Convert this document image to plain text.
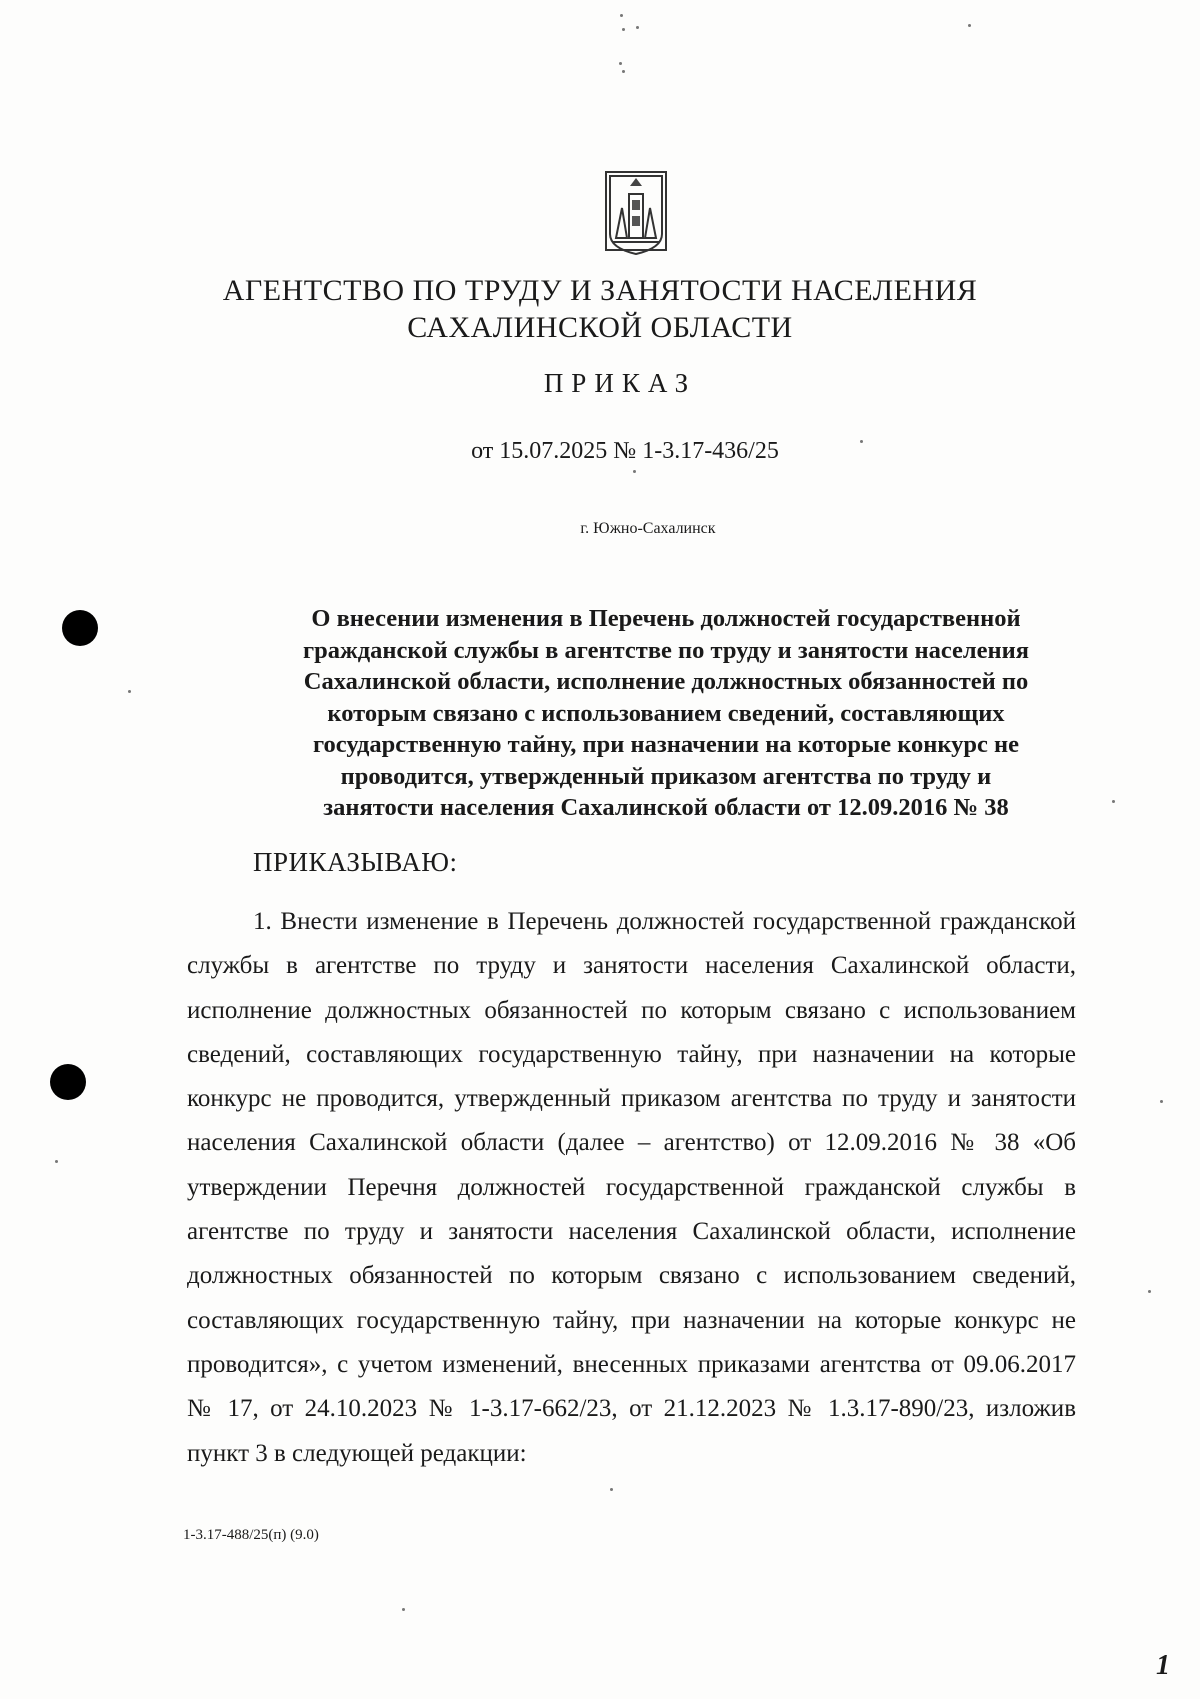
АГЕНТСТВО ПО ТРУДУ И ЗАНЯТОСТИ НАСЕЛЕНИЯ
САХАЛИНСКОЙ ОБЛАСТИ
ПРИКАЗ
от 15.07.2025 № 1-3.17-436/25
г. Южно-Сахалинск
О внесении изменения в Перечень должностей государственной
гражданской службы в агентстве по труду и занятости населения
Сахалинской области, исполнение должностных обязанностей по
которым связано с использованием сведений, составляющих
государственную тайну, при назначении на которые конкурс не
проводится, утвержденный приказом агентства по труду и
занятости населения Сахалинской области от 12.09.2016 № 38
ПРИКАЗЫВАЮ:
1. Внести изменение в Перечень должностей государственной гражданской службы в агентстве по труду и занятости населения Сахалинской области, исполнение должностных обязанностей по которым связано с использованием сведений, составляющих государственную тайну, при назначении на которые конкурс не проводится, утвержденный приказом агентства по труду и занятости населения Сахалинской области (далее – агентство) от 12.09.2016 № 38 «Об утверждении Перечня должностей государственной гражданской службы в агентстве по труду и занятости населения Сахалинской области, исполнение должностных обязанностей по которым связано с использованием сведений, составляющих государственную тайну, при назначении на которые конкурс не проводится», с учетом изменений, внесенных приказами агентства от 09.06.2017 № 17, от 24.10.2023 № 1-3.17-662/23, от 21.12.2023 № 1.3.17-890/23, изложив пункт 3 в следующей редакции:
1-3.17-488/25(п) (9.0)
1
